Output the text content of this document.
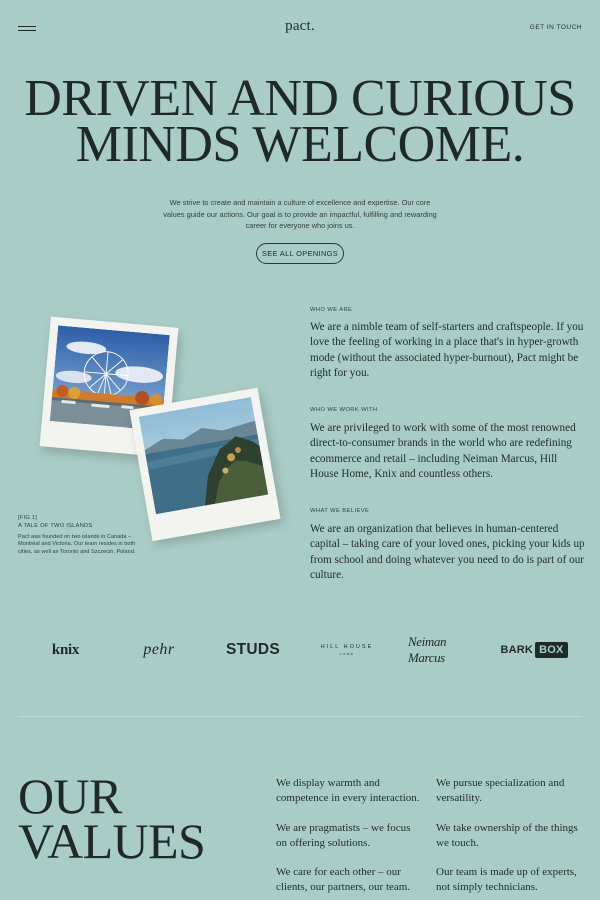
pact.	GET IN TOUCH
DRIVEN AND CURIOUS
MINDS WELCOME.

We strive to create and maintain a culture of excellence and expertise. Our core values guide our actions. Our goal is to provide an impactful, fulfilling and rewarding career for everyone who joins us.

SEE ALL OPENINGS
[FIG 1]
A TALE OF TWO ISLANDS

Pact was founded on two islands in Canada – Montréal and Victoria. Our team resides in both cities, as well as Toronto and Szczecin, Poland.

WHO WE ARE

We are a nimble team of self-starters and craftspeople. If you love the feeling of working in a place that's in hyper-growth mode (without the associated hyper-burnout), Pact might be right for you.

WHO WE WORK WITH

We are privileged to work with some of the most renowned direct-to-consumer brands in the world who are redefining ecommerce and retail – including Neiman Marcus, Hill House Home, Knix and countless others.

WHAT WE BELIEVE

We are an organization that believes in human-centered capital – taking care of your loved ones, picking your kids up from school and doing whatever you need to do is part of our culture.

knix	pehr	STUDS	HILL HOUSE
HOME
Neiman Marcus	BARK BOX
OUR
VALUES

We display warmth and competence in every interaction.

We pursue specialization and versatility.

We are pragmatists – we focus on offering solutions.

We take ownership of the things we touch.

We care for each other – our clients, our partners, our team.

Our team is made up of experts, not simply technicians.
